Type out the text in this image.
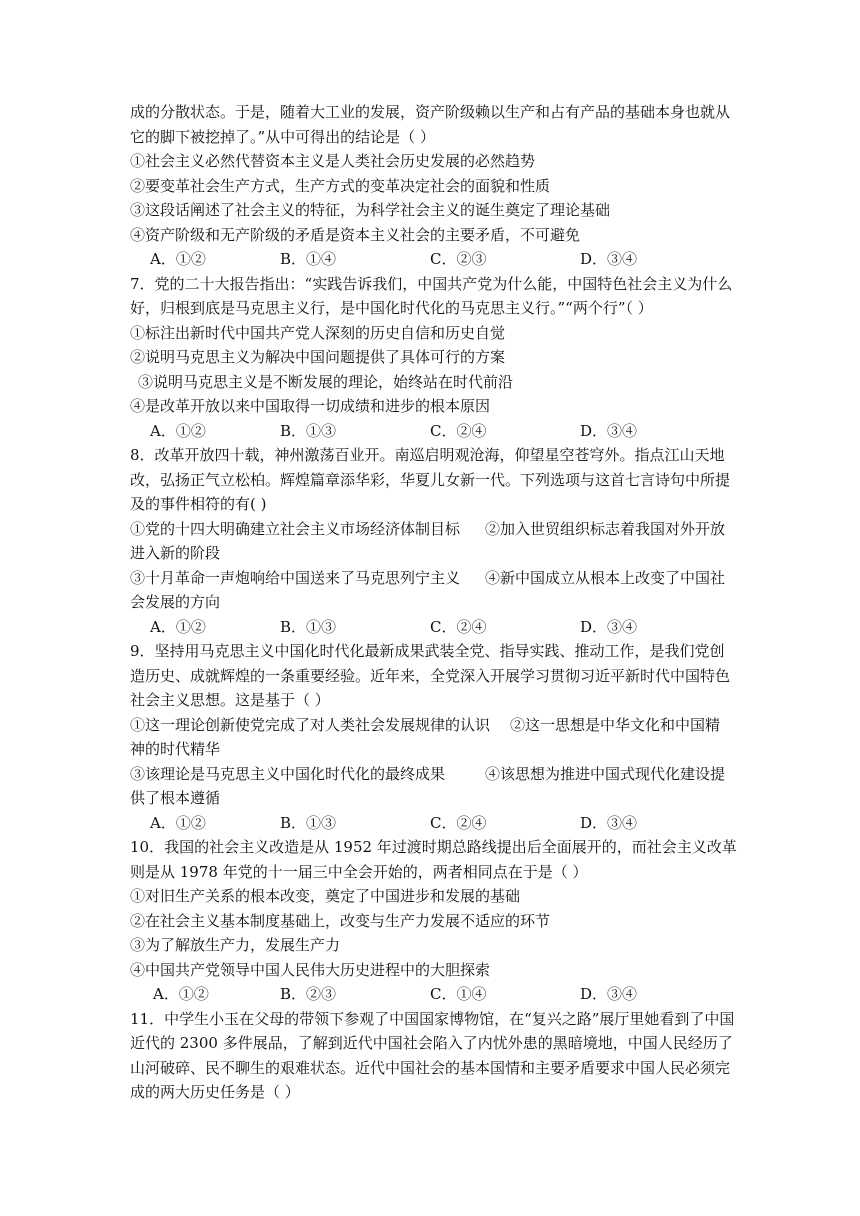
成的分散状态。于是，随着大工业的发展，资产阶级赖以生产和占有产品的基础本身也就从
它的脚下被挖掉了。”从中可得出的结论是（ ）
①社会主义必然代替资本主义是人类社会历史发展的必然趋势
②要变革社会生产方式，生产方式的变革决定社会的面貌和性质
③这段话阐述了社会主义的特征，为科学社会主义的诞生奠定了理论基础
④资产阶级和无产阶级的矛盾是资本主义社会的主要矛盾，不可避免
A．①②	B．①④	C．②③	D．③④
7．党的二十大报告指出：“实践告诉我们，中国共产党为什么能，中国特色社会主义为什么
好，归根到底是马克思主义行，是中国化时代化的马克思主义行。”“两个行”（ ）
①标注出新时代中国共产党人深刻的历史自信和历史自觉
②说明马克思主义为解决中国问题提供了具体可行的方案
③说明马克思主义是不断发展的理论，始终站在时代前沿
④是改革开放以来中国取得一切成绩和进步的根本原因
A．①②	B．①③	C．②④	D．③④
8．改革开放四十载，神州激荡百业开。南巡启明观沧海，仰望星空苍穹外。指点江山天地
改，弘扬正气立松柏。辉煌篇章添华彩，华夏儿女新一代。下列选项与这首七言诗句中所提
及的事件相符的有( )
①党的十四大明确建立社会主义市场经济体制目标 ②加入世贸组织标志着我国对外开放
进入新的阶段
③十月革命一声炮响给中国送来了马克思列宁主义 ④新中国成立从根本上改变了中国社
会发展的方向
A．①②	B．①③	C．②④	D．③④
9．坚持用马克思主义中国化时代化最新成果武装全党、指导实践、推动工作，是我们党创
造历史、成就辉煌的一条重要经验。近年来，全党深入开展学习贯彻习近平新时代中国特色
社会主义思想。这是基于（ ）
①这一理论创新使党完成了对人类社会发展规律的认识 ②这一思想是中华文化和中国精
神的时代精华
③该理论是马克思主义中国化时代化的最终成果	④该思想为推进中国式现代化建设提
供了根本遵循
A．①②	B．①③	C．②④	D．③④
10．我国的社会主义改造是从 1952 年过渡时期总路线提出后全面展开的，而社会主义改革
则是从 1978 年党的十一届三中全会开始的，两者相同点在于是（ ）
①对旧生产关系的根本改变，奠定了中国进步和发展的基础
②在社会主义基本制度基础上，改变与生产力发展不适应的环节
③为了解放生产力，发展生产力
④中国共产党领导中国人民伟大历史进程中的大胆探索
A．①②	B．②③	C．①④	D．③④
11．中学生小玉在父母的带领下参观了中国国家博物馆，在“复兴之路”展厅里她看到了中国
近代的 2300 多件展品，了解到近代中国社会陷入了内忧外患的黑暗境地，中国人民经历了
山河破碎、民不聊生的艰难状态。近代中国社会的基本国情和主要矛盾要求中国人民必须完
成的两大历史任务是（ ）
